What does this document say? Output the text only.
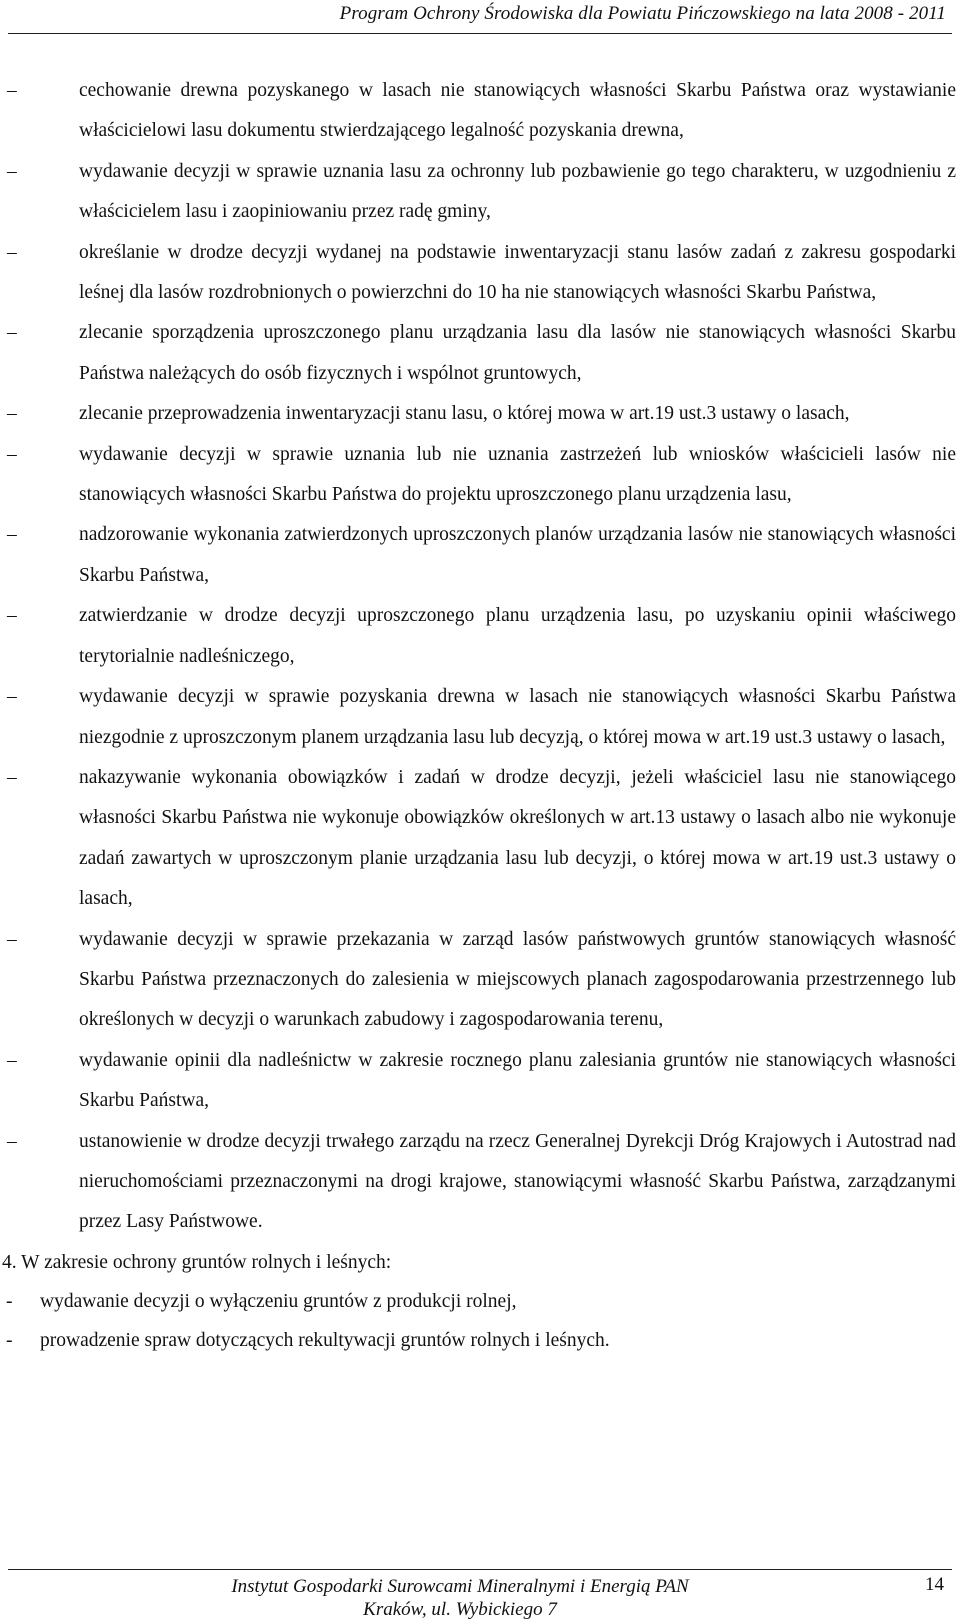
Program Ochrony Środowiska dla Powiatu Pińczowskiego na lata 2008 - 2011
–	cechowanie drewna pozyskanego w lasach nie stanowiących własności Skarbu Państwa oraz wystawianie właścicielowi lasu dokumentu stwierdzającego legalność pozyskania drewna,
–	wydawanie decyzji w sprawie uznania lasu za ochronny lub pozbawienie go tego charakteru, w uzgodnieniu z właścicielem lasu i zaopiniowaniu przez radę gminy,
–	określanie w drodze decyzji wydanej na podstawie inwentaryzacji stanu lasów zadań z zakresu gospodarki leśnej dla lasów rozdrobnionych o powierzchni do 10 ha nie stanowiących własności Skarbu Państwa,
–	zlecanie sporządzenia uproszczonego planu urządzania lasu dla lasów nie stanowiących własności Skarbu Państwa należących do osób fizycznych i wspólnot gruntowych,
–	zlecanie przeprowadzenia inwentaryzacji stanu lasu, o której mowa w art.19 ust.3 ustawy o lasach,
–	wydawanie decyzji w sprawie uznania lub nie uznania zastrzeżeń lub wniosków właścicieli lasów nie stanowiących własności Skarbu Państwa do projektu uproszczonego planu urządzenia lasu,
–	nadzorowanie wykonania zatwierdzonych uproszczonych planów urządzania lasów nie stanowiących własności Skarbu Państwa,
–	zatwierdzanie w drodze decyzji uproszczonego planu urządzenia lasu, po uzyskaniu opinii właściwego terytorialnie nadleśniczego,
–	wydawanie decyzji w sprawie pozyskania drewna w lasach nie stanowiących własności Skarbu Państwa niezgodnie z uproszczonym planem urządzania lasu lub decyzją, o której mowa w art.19 ust.3 ustawy o lasach,
–	nakazywanie wykonania obowiązków i zadań w drodze decyzji, jeżeli właściciel lasu nie stanowiącego własności Skarbu Państwa nie wykonuje obowiązków określonych w art.13 ustawy o lasach albo nie wykonuje zadań zawartych w uproszczonym planie urządzania lasu lub decyzji, o której mowa w art.19 ust.3 ustawy o lasach,
–	wydawanie decyzji w sprawie przekazania w zarząd lasów państwowych gruntów stanowiących własność Skarbu Państwa przeznaczonych do zalesienia w miejscowych planach zagospodarowania przestrzennego lub określonych w decyzji o warunkach zabudowy i zagospodarowania terenu,
–	wydawanie opinii dla nadleśnictw w zakresie rocznego planu zalesiania gruntów nie stanowiących własności Skarbu Państwa,
–	ustanowienie w drodze decyzji trwałego zarządu na rzecz Generalnej Dyrekcji Dróg Krajowych i Autostrad nad nieruchomościami przeznaczonymi na drogi krajowe, stanowiącymi własność Skarbu Państwa, zarządzanymi przez Lasy Państwowe.
4. W zakresie ochrony gruntów rolnych i leśnych:
- wydawanie decyzji o wyłączeniu gruntów z produkcji rolnej,
- prowadzenie spraw dotyczących rekultywacji gruntów rolnych i leśnych.
Instytut Gospodarki Surowcami Mineralnymi i Energią PAN
Kraków, ul. Wybickiego 7
14
